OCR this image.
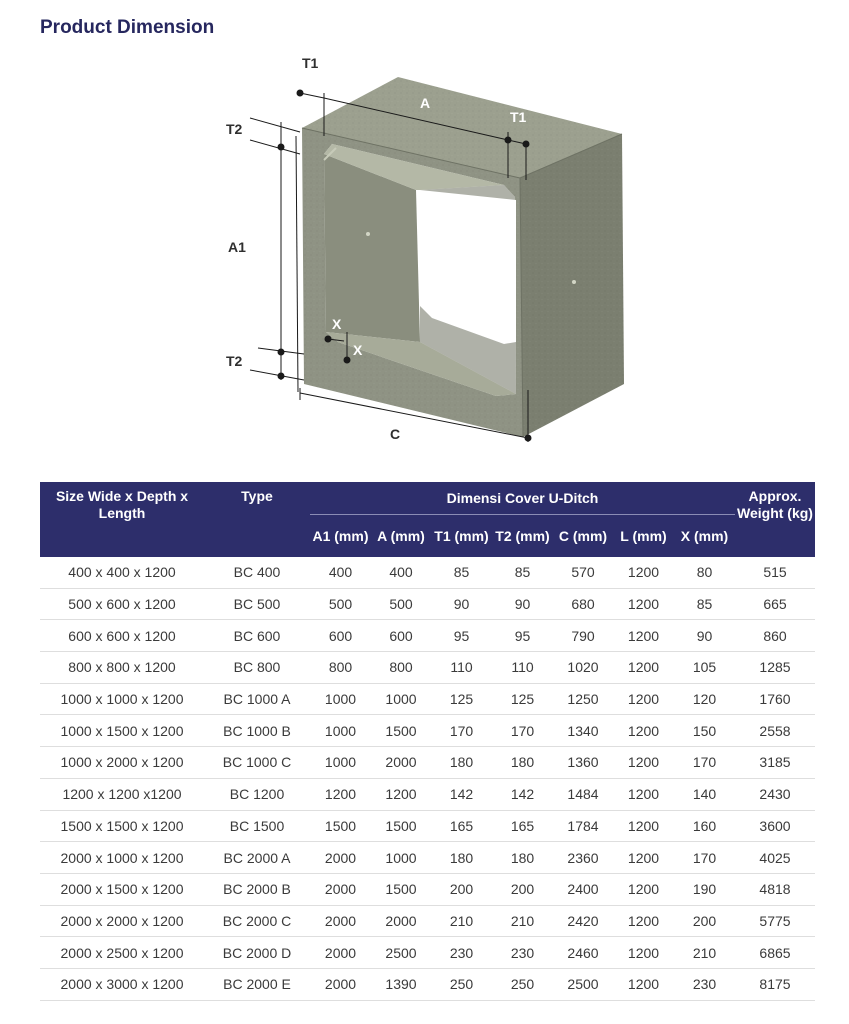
Product Dimension
T1
A
T1
T2
A1
X
X
T2
C
Size Wide x Depth x Length	Type	Dimensi Cover U-Ditch							Approx. Weight (kg)
		A1 (mm)	A (mm)	T1 (mm)	T2 (mm)	C (mm)	L (mm)	X (mm)	
400 x 400 x 1200	BC 400	400	400	85	85	570	1200	80	515
500 x 600 x 1200	BC 500	500	500	90	90	680	1200	85	665
600 x 600 x 1200	BC 600	600	600	95	95	790	1200	90	860
800 x 800 x 1200	BC 800	800	800	110	110	1020	1200	105	1285
1000 x 1000 x 1200	BC 1000 A	1000	1000	125	125	1250	1200	120	1760
1000 x 1500 x 1200	BC 1000 B	1000	1500	170	170	1340	1200	150	2558
1000 x 2000 x 1200	BC 1000 C	1000	2000	180	180	1360	1200	170	3185
1200 x 1200 x1200	BC 1200	1200	1200	142	142	1484	1200	140	2430
1500 x 1500 x 1200	BC 1500	1500	1500	165	165	1784	1200	160	3600
2000 x 1000 x 1200	BC 2000 A	2000	1000	180	180	2360	1200	170	4025
2000 x 1500 x 1200	BC 2000 B	2000	1500	200	200	2400	1200	190	4818
2000 x 2000 x 1200	BC 2000 C	2000	2000	210	210	2420	1200	200	5775
2000 x 2500 x 1200	BC 2000 D	2000	2500	230	230	2460	1200	210	6865
2000 x 3000 x 1200	BC 2000 E	2000	1390	250	250	2500	1200	230	8175
